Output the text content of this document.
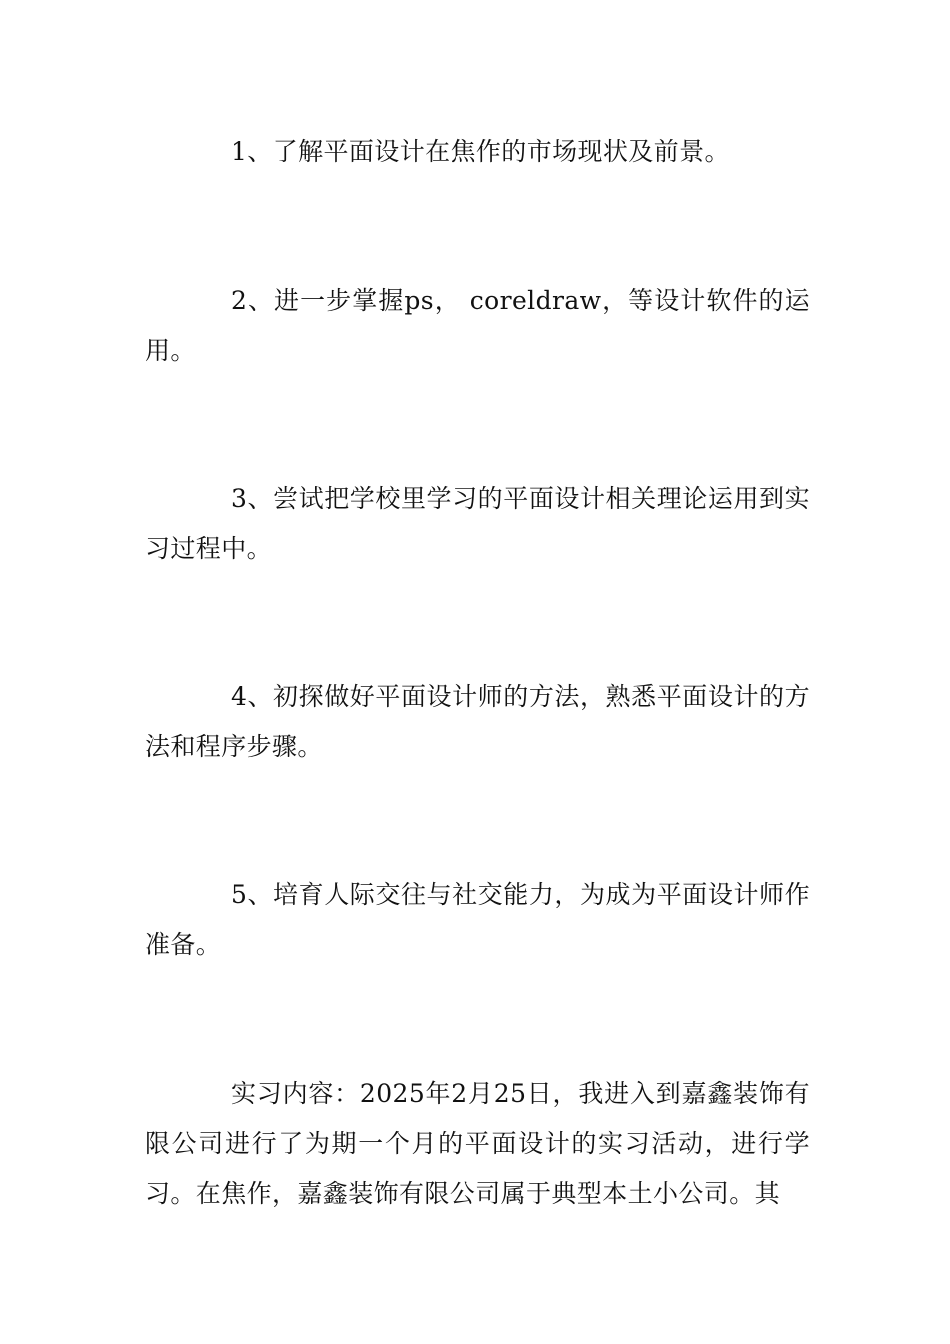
1、了解平面设计在焦作的市场现状及前景。

2、进一步掌握ps， coreldraw，等设计软件的运用。

3、尝试把学校里学习的平面设计相关理论运用到实习过程中。

4、初探做好平面设计师的方法，熟悉平面设计的方法和程序步骤。

5、培育人际交往与社交能力，为成为平面设计师作准备。

实习内容：2025年2月25日，我进入到嘉鑫装饰有限公司进行了为期一个月的平面设计的实习活动，进行学习。在焦作，嘉鑫装饰有限公司属于典型本土小公司。其
